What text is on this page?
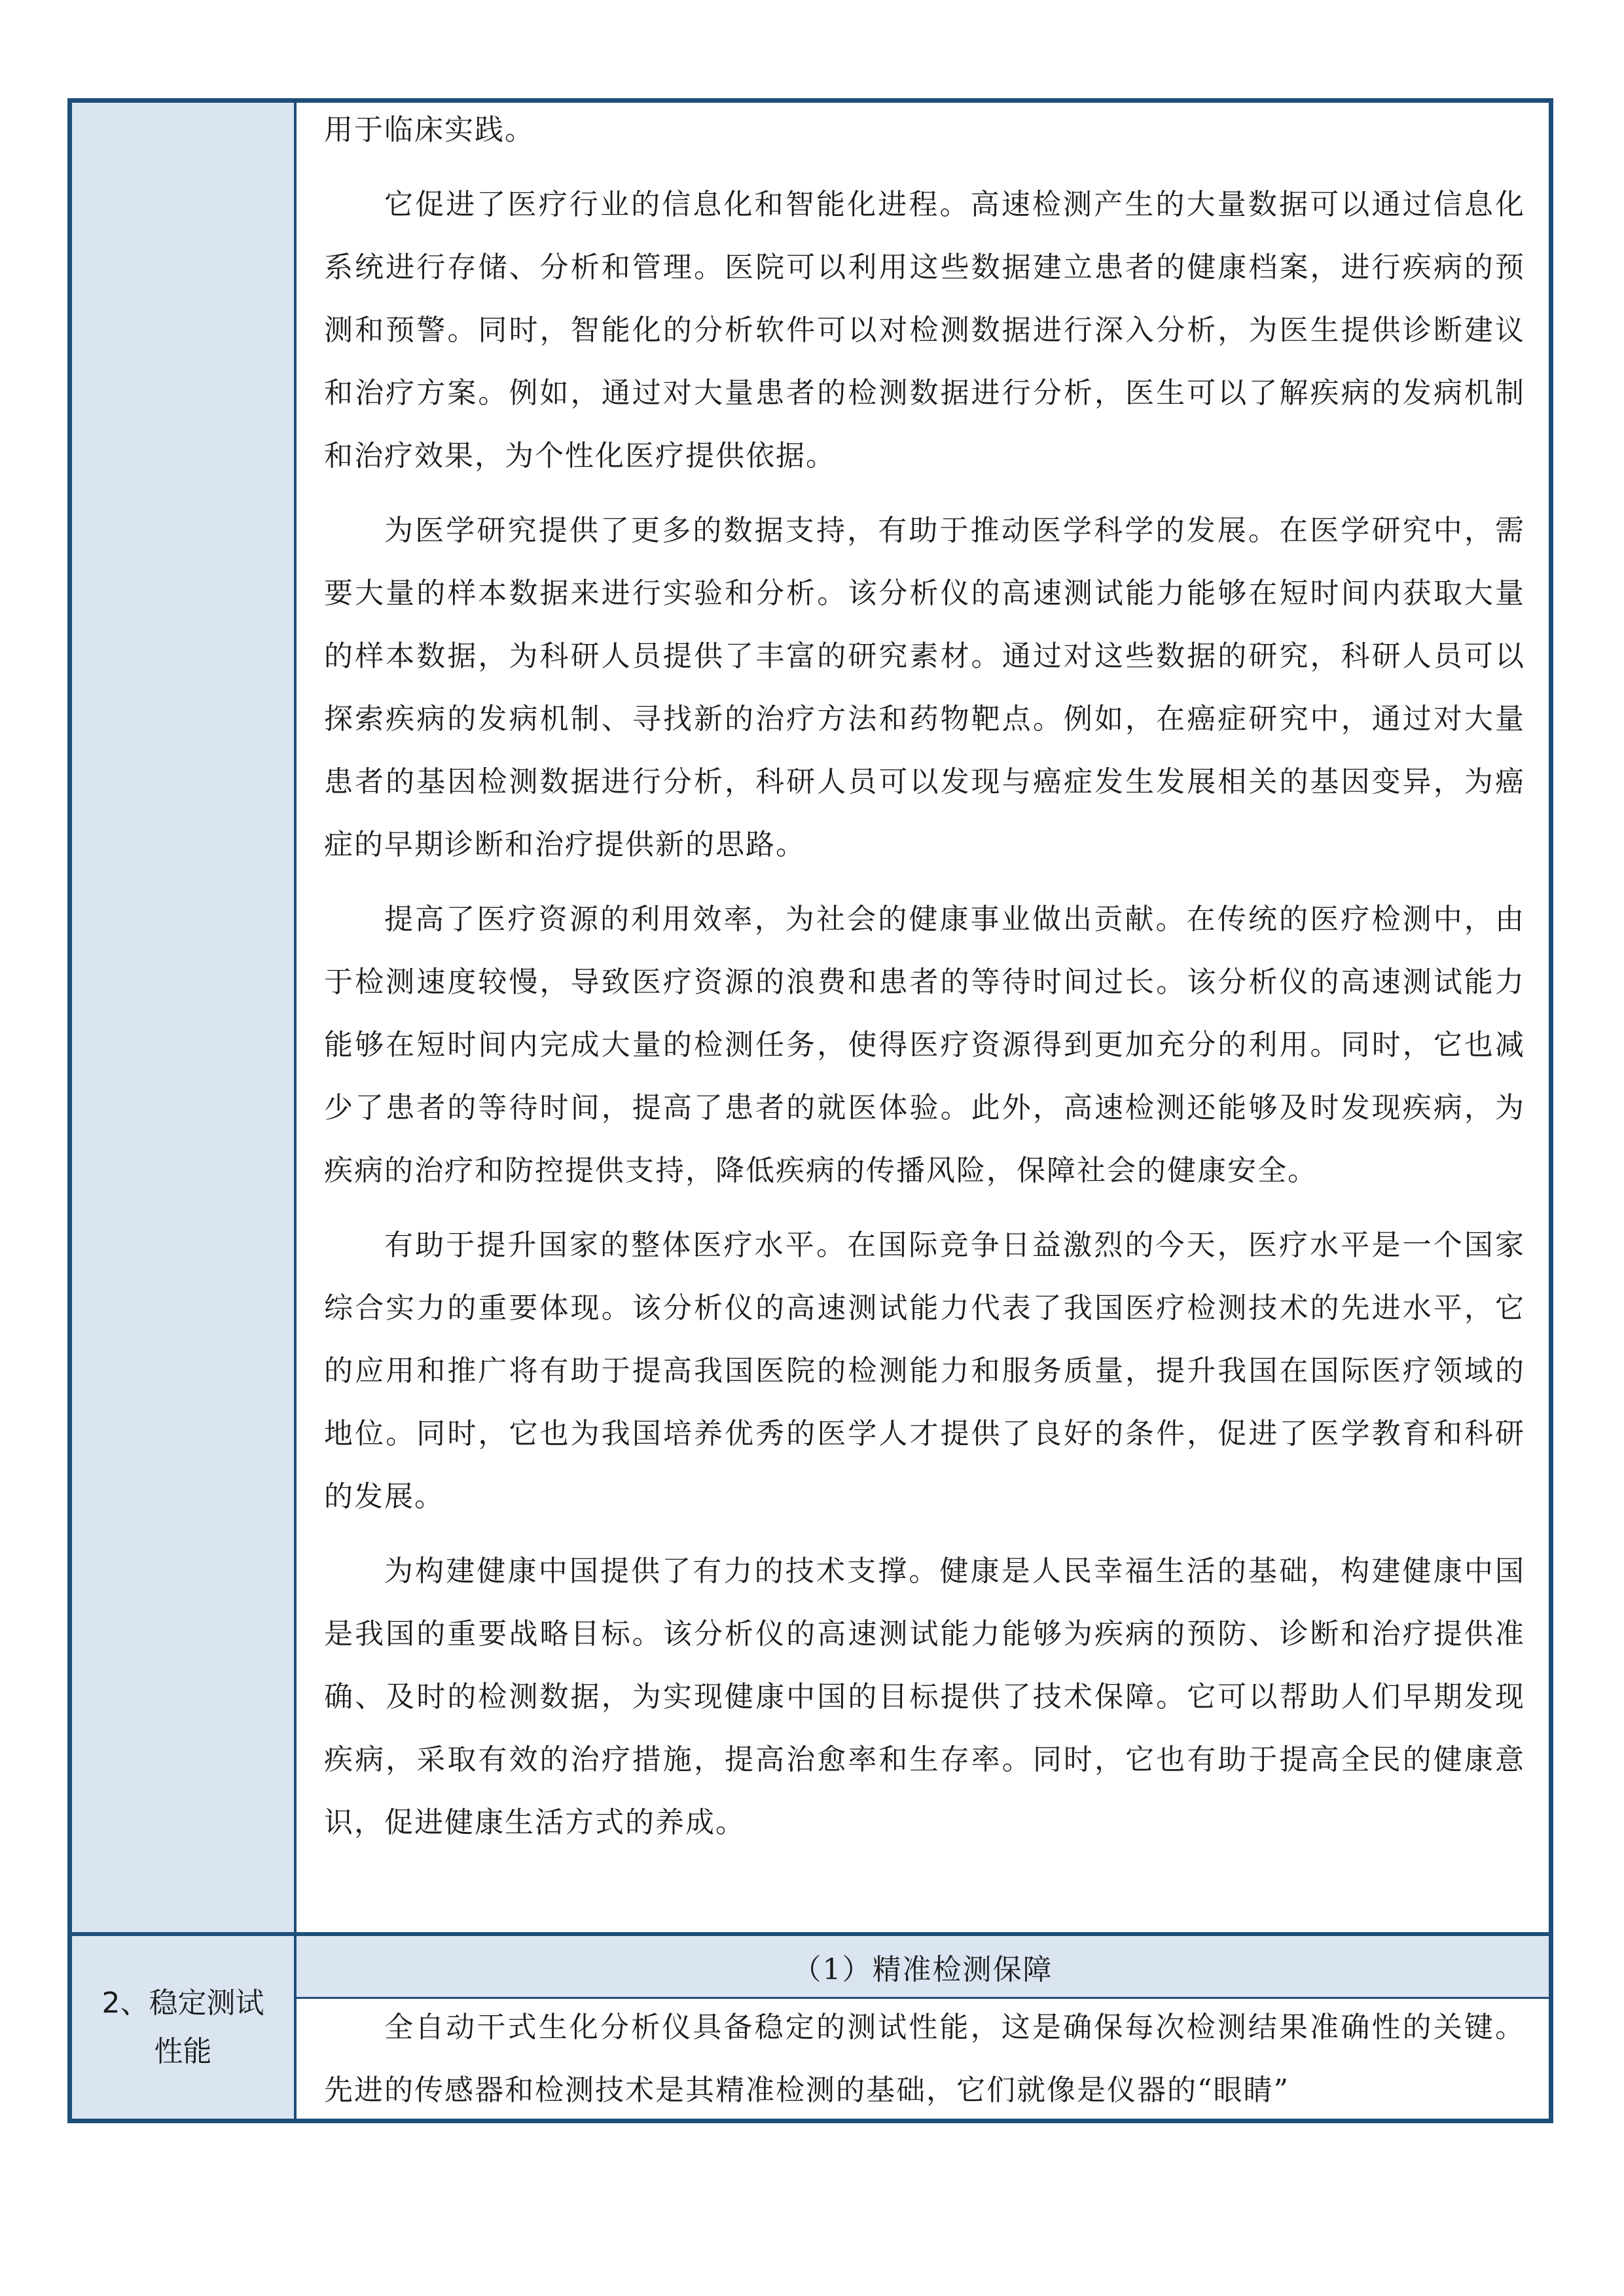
用于临床实践。

它促进了医疗行业的信息化和智能化进程。高速检测产生的大量数据可以通过信息化系统进行存储、分析和管理。医院可以利用这些数据建立患者的健康档案，进行疾病的预测和预警。同时，智能化的分析软件可以对检测数据进行深入分析，为医生提供诊断建议和治疗方案。例如，通过对大量患者的检测数据进行分析，医生可以了解疾病的发病机制和治疗效果，为个性化医疗提供依据。

为医学研究提供了更多的数据支持，有助于推动医学科学的发展。在医学研究中，需要大量的样本数据来进行实验和分析。该分析仪的高速测试能力能够在短时间内获取大量的样本数据，为科研人员提供了丰富的研究素材。通过对这些数据的研究，科研人员可以探索疾病的发病机制、寻找新的治疗方法和药物靶点。例如，在癌症研究中，通过对大量患者的基因检测数据进行分析，科研人员可以发现与癌症发生发展相关的基因变异，为癌症的早期诊断和治疗提供新的思路。

提高了医疗资源的利用效率，为社会的健康事业做出贡献。在传统的医疗检测中，由于检测速度较慢，导致医疗资源的浪费和患者的等待时间过长。该分析仪的高速测试能力能够在短时间内完成大量的检测任务，使得医疗资源得到更加充分的利用。同时，它也减少了患者的等待时间，提高了患者的就医体验。此外，高速检测还能够及时发现疾病，为疾病的治疗和防控提供支持，降低疾病的传播风险，保障社会的健康安全。

有助于提升国家的整体医疗水平。在国际竞争日益激烈的今天，医疗水平是一个国家综合实力的重要体现。该分析仪的高速测试能力代表了我国医疗检测技术的先进水平，它的应用和推广将有助于提高我国医院的检测能力和服务质量，提升我国在国际医疗领域的地位。同时，它也为我国培养优秀的医学人才提供了良好的条件，促进了医学教育和科研的发展。

为构建健康中国提供了有力的技术支撑。健康是人民幸福生活的基础，构建健康中国是我国的重要战略目标。该分析仪的高速测试能力能够为疾病的预防、诊断和治疗提供准确、及时的检测数据，为实现健康中国的目标提供了技术保障。它可以帮助人们早期发现疾病，采取有效的治疗措施，提高治愈率和生存率。同时，它也有助于提高全民的健康意识，促进健康生活方式的养成。

2、稳定测试性能
（1）精准检测保障

全自动干式生化分析仪具备稳定的测试性能，这是确保每次检测结果准确性的关键。先进的传感器和检测技术是其精准检测的基础，它们就像是仪器的“眼睛”
